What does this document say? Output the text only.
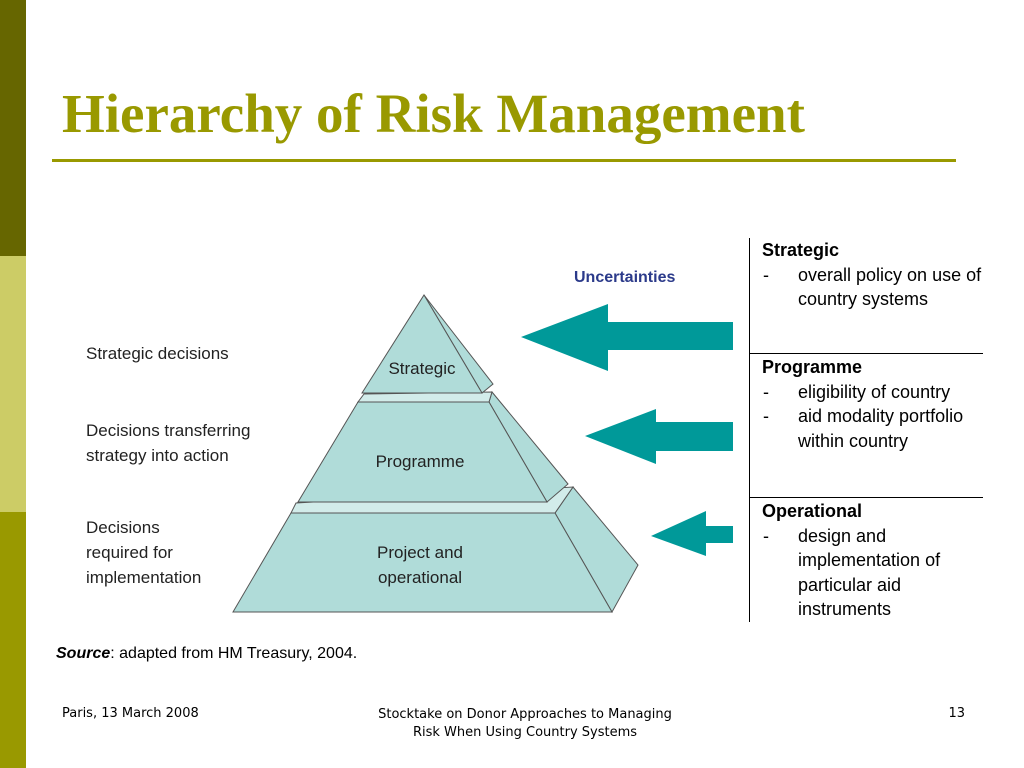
Hierarchy of Risk Management
Uncertainties
Strategic
Programme
Project and
operational
Strategic decisions
Decisions transferring
strategy into action
Decisions
required for
implementation
Strategic
- overall policy on use of country systems
Programme
- eligibility of country
- aid modality portfolio within country
Operational
- design and implementation of particular aid instruments
Source: adapted from HM Treasury, 2004.
Paris, 13 March 2008	Stocktake on Donor Approaches to Managing
Risk When Using Country Systems
13
